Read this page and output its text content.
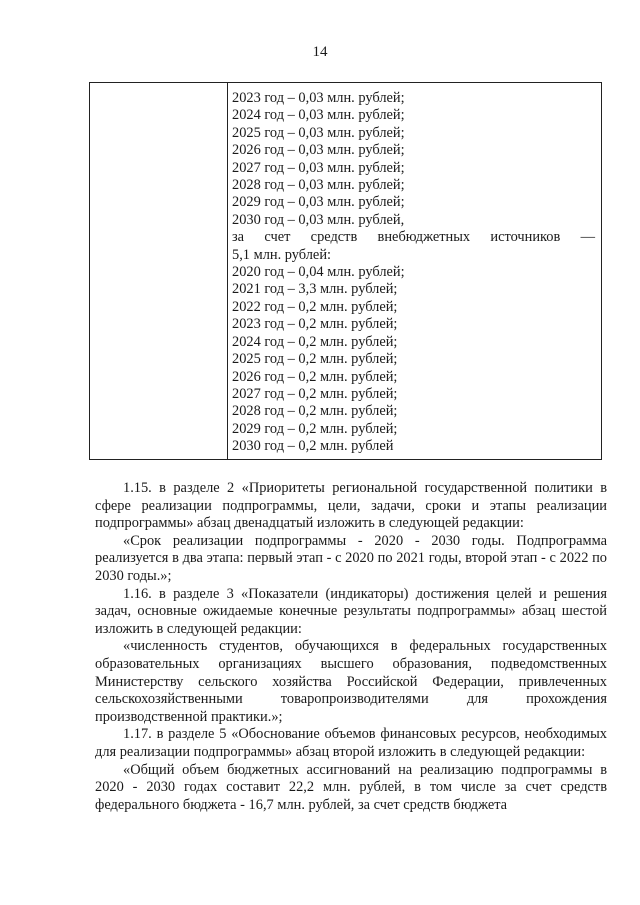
14
2023 год – 0,03 млн. рублей;
2024 год – 0,03 млн. рублей;
2025 год – 0,03 млн. рублей;
2026 год – 0,03 млн. рублей;
2027 год – 0,03 млн. рублей;
2028 год – 0,03 млн. рублей;
2029 год – 0,03 млн. рублей;
2030 год – 0,03 млн. рублей,
за счет средств внебюджетных источников —
5,1 млн. рублей:
2020 год – 0,04 млн. рублей;
2021 год – 3,3 млн. рублей;
2022 год – 0,2 млн. рублей;
2023 год – 0,2 млн. рублей;
2024 год – 0,2 млн. рублей;
2025 год – 0,2 млн. рублей;
2026 год – 0,2 млн. рублей;
2027 год – 0,2 млн. рублей;
2028 год – 0,2 млн. рублей;
2029 год – 0,2 млн. рублей;
2030 год – 0,2 млн. рублей

1.15. в разделе 2 «Приоритеты региональной государственной политики в сфере реализации подпрограммы, цели, задачи, сроки и этапы реализации подпрограммы» абзац двенадцатый изложить в следующей редакции:

«Срок реализации подпрограммы - 2020 - 2030 годы. Подпрограмма реализуется в два этапа: первый этап - с 2020 по 2021 годы, второй этап - с 2022 по 2030 годы.»;

1.16. в разделе 3 «Показатели (индикаторы) достижения целей и решения задач, основные ожидаемые конечные результаты подпрограммы» абзац шестой изложить в следующей редакции:

«численность студентов, обучающихся в федеральных государственных образовательных организациях высшего образования, подведомственных Министерству сельского хозяйства Российской Федерации, привлеченных сельскохозяйственными товаропроизводителями для прохождения производственной практики.»;

1.17. в разделе 5 «Обоснование объемов финансовых ресурсов, необходимых для реализации подпрограммы» абзац второй изложить в следующей редакции:

«Общий объем бюджетных ассигнований на реализацию подпрограммы в 2020 - 2030 годах составит 22,2 млн. рублей, в том числе за счет средств федерального бюджета - 16,7 млн. рублей, за счет средств бюджета
